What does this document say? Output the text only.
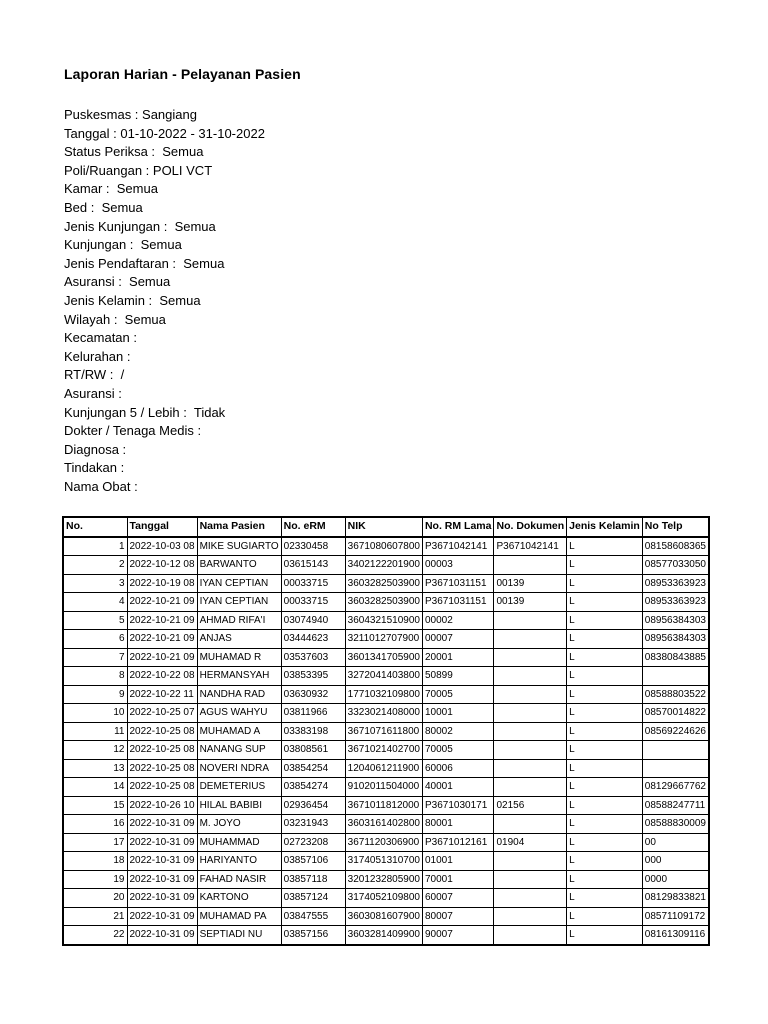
Laporan Harian - Pelayanan Pasien
Puskesmas : Sangiang
Tanggal : 01-10-2022 - 31-10-2022
Status Periksa :  Semua
Poli/Ruangan : POLI VCT
Kamar :  Semua
Bed :  Semua
Jenis Kunjungan :  Semua
Kunjungan :  Semua
Jenis Pendaftaran :  Semua
Asuransi :  Semua
Jenis Kelamin :  Semua
Wilayah :  Semua
Kecamatan :
Kelurahan :
RT/RW :  /
Asuransi :
Kunjungan 5 / Lebih :  Tidak
Dokter / Tenaga Medis :
Diagnosa :
Tindakan :
Nama Obat :
No.	Tanggal	Nama Pasien	No. eRM	NIK	No. RM Lama	No. Dokumen	Jenis Kelamin	No Telp
1	2022-10-03 08	MIKE SUGIARTO	02330458	3671080607800	P3671042141	P3671042141	L	08158608365
2	2022-10-12 08	BARWANTO	03615143	3402122201900	00003		L	08577033050
3	2022-10-19 08	IYAN CEPTIAN	00033715	3603282503900	P3671031151	00139	L	08953363923
4	2022-10-21 09	IYAN CEPTIAN	00033715	3603282503900	P3671031151	00139	L	08953363923
5	2022-10-21 09	AHMAD RIFA'I	03074940	3604321510900	00002		L	08956384303
6	2022-10-21 09	ANJAS	03444623	3211012707900	00007		L	08956384303
7	2022-10-21 09	MUHAMAD R	03537603	3601341705900	20001		L	08380843885
8	2022-10-22 08	HERMANSYAH	03853395	3272041403800	50899		L	
9	2022-10-22 11	NANDHA RAD	03630932	1771032109800	70005		L	08588803522
10	2022-10-25 07	AGUS WAHYU	03811966	3323021408000	10001		L	08570014822
11	2022-10-25 08	MUHAMAD A	03383198	3671071611800	80002		L	08569224626
12	2022-10-25 08	NANANG SUP	03808561	3671021402700	70005		L	
13	2022-10-25 08	NOVERI NDRA	03854254	1204061211900	60006		L	
14	2022-10-25 08	DEMETERIUS	03854274	9102011504000	40001		L	08129667762
15	2022-10-26 10	HILAL BABIBI	02936454	3671011812000	P3671030171	02156	L	08588247711
16	2022-10-31 09	M. JOYO	03231943	3603161402800	80001		L	08588830009
17	2022-10-31 09	MUHAMMAD	02723208	3671120306900	P3671012161	01904	L	00
18	2022-10-31 09	HARIYANTO	03857106	3174051310700	01001		L	000
19	2022-10-31 09	FAHAD NASIR	03857118	3201232805900	70001		L	0000
20	2022-10-31 09	KARTONO	03857124	3174052109800	60007		L	08129833821
21	2022-10-31 09	MUHAMAD PA	03847555	3603081607900	80007		L	08571109172
22	2022-10-31 09	SEPTIADI NU	03857156	3603281409900	90007		L	08161309116
